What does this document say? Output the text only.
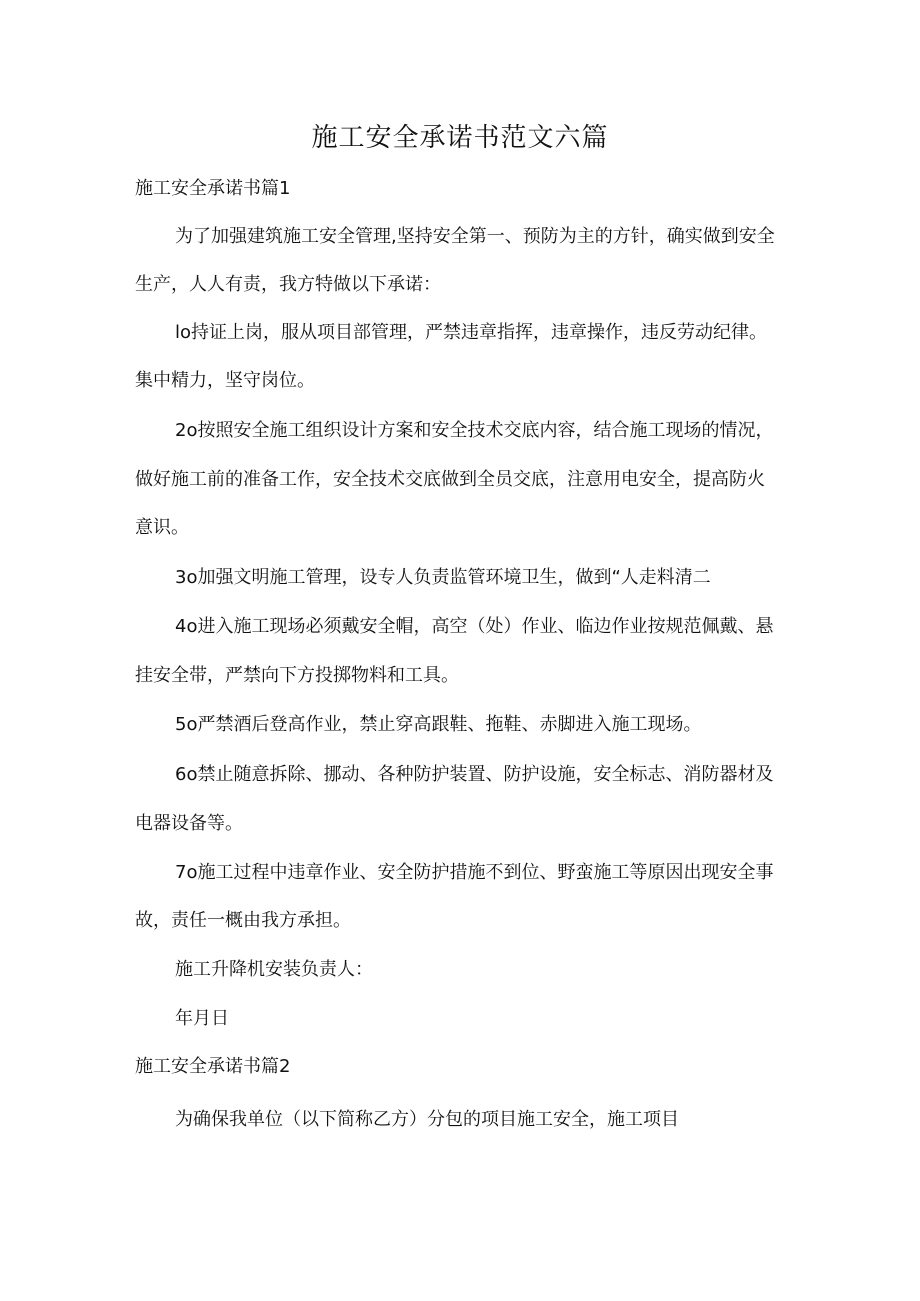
施工安全承诺书范文六篇
施工安全承诺书篇1
为了加强建筑施工安全管理,坚持安全第一、预防为主的方针，确实做到安全
生产，人人有责，我方特做以下承诺：
lo持证上岗，服从项目部管理，严禁违章指挥，违章操作，违反劳动纪律。
集中精力，坚守岗位。
2o按照安全施工组织设计方案和安全技术交底内容，结合施工现场的情况，
做好施工前的准备工作，安全技术交底做到全员交底，注意用电安全，提高防火
意识。
3o加强文明施工管理，设专人负责监管环境卫生，做到“人走料清二
4o进入施工现场必须戴安全帽，高空（处）作业、临边作业按规范佩戴、悬
挂安全带，严禁向下方投掷物料和工具。
5o严禁酒后登高作业，禁止穿高跟鞋、拖鞋、赤脚进入施工现场。
6o禁止随意拆除、挪动、各种防护装置、防护设施，安全标志、消防器材及
电器设备等。
7o施工过程中违章作业、安全防护措施不到位、野蛮施工等原因出现安全事
故，责任一概由我方承担。
施工升降机安装负责人：
年月日
施工安全承诺书篇2
为确保我单位（以下简称乙方）分包的项目施工安全，施工项目
